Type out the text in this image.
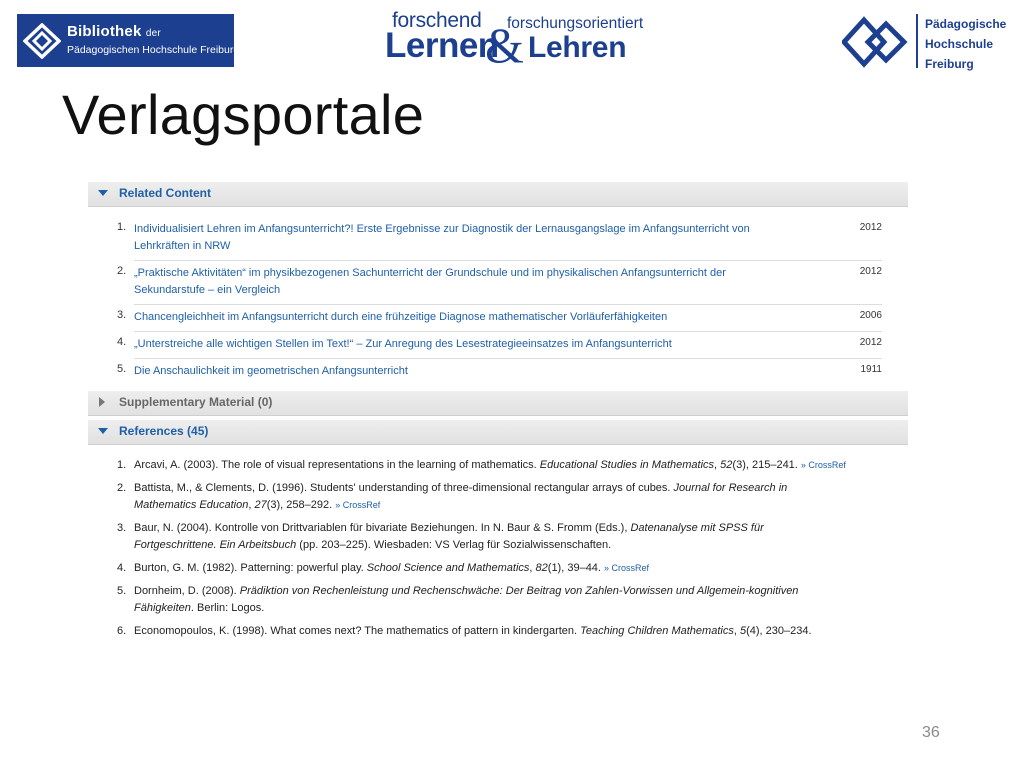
Bibliothek der
Pädagogischen Hochschule Freiburg
forschend forschungsorientiert
Lernen
& Lehren
Pädagogische
Hochschule
Freiburg
Verlagsportale
Related Content
1. Individualisiert Lehren im Anfangsunterricht?! Erste Ergebnisse zur Diagnostik der Lernausgangslage im Anfangsunterricht von Lehrkräften in NRW
2012
2. „Praktische Aktivitäten“ im physikbezogenen Sachunterricht der Grundschule und im physikalischen Anfangsunterricht der Sekundarstufe – ein Vergleich
2012
3. Chancengleichheit im Anfangsunterricht durch eine frühzeitige Diagnose mathematischer Vorläuferfähigkeiten	2006
4. „Unterstreiche alle wichtigen Stellen im Text!“ – Zur Anregung des Lesestrategieeinsatzes im Anfangsunterricht	2012
5. Die Anschaulichkeit im geometrischen Anfangsunterricht	1911
Supplementary Material (0)
References (45)
1. Arcavi, A. (2003). The role of visual representations in the learning of mathematics. Educational Studies in Mathematics, 52(3), 215–241. » CrossRef
2. Battista, M., & Clements, D. (1996). Students' understanding of three-dimensional rectangular arrays of cubes. Journal for Research in Mathematics Education, 27(3), 258–292. » CrossRef
3. Baur, N. (2004). Kontrolle von Drittvariablen für bivariate Beziehungen. In N. Baur & S. Fromm (Eds.), Datenanalyse mit SPSS für Fortgeschrittene. Ein Arbeitsbuch (pp. 203–225). Wiesbaden: VS Verlag für Sozialwissenschaften.
4. Burton, G. M. (1982). Patterning: powerful play. School Science and Mathematics, 82(1), 39–44. » CrossRef
5. Dornheim, D. (2008). Prädiktion von Rechenleistung und Rechenschwäche: Der Beitrag von Zahlen-Vorwissen und Allgemein-kognitiven Fähigkeiten. Berlin: Logos.
6. Economopoulos, K. (1998). What comes next? The mathematics of pattern in kindergarten. Teaching Children Mathematics, 5(4), 230–234.
36
